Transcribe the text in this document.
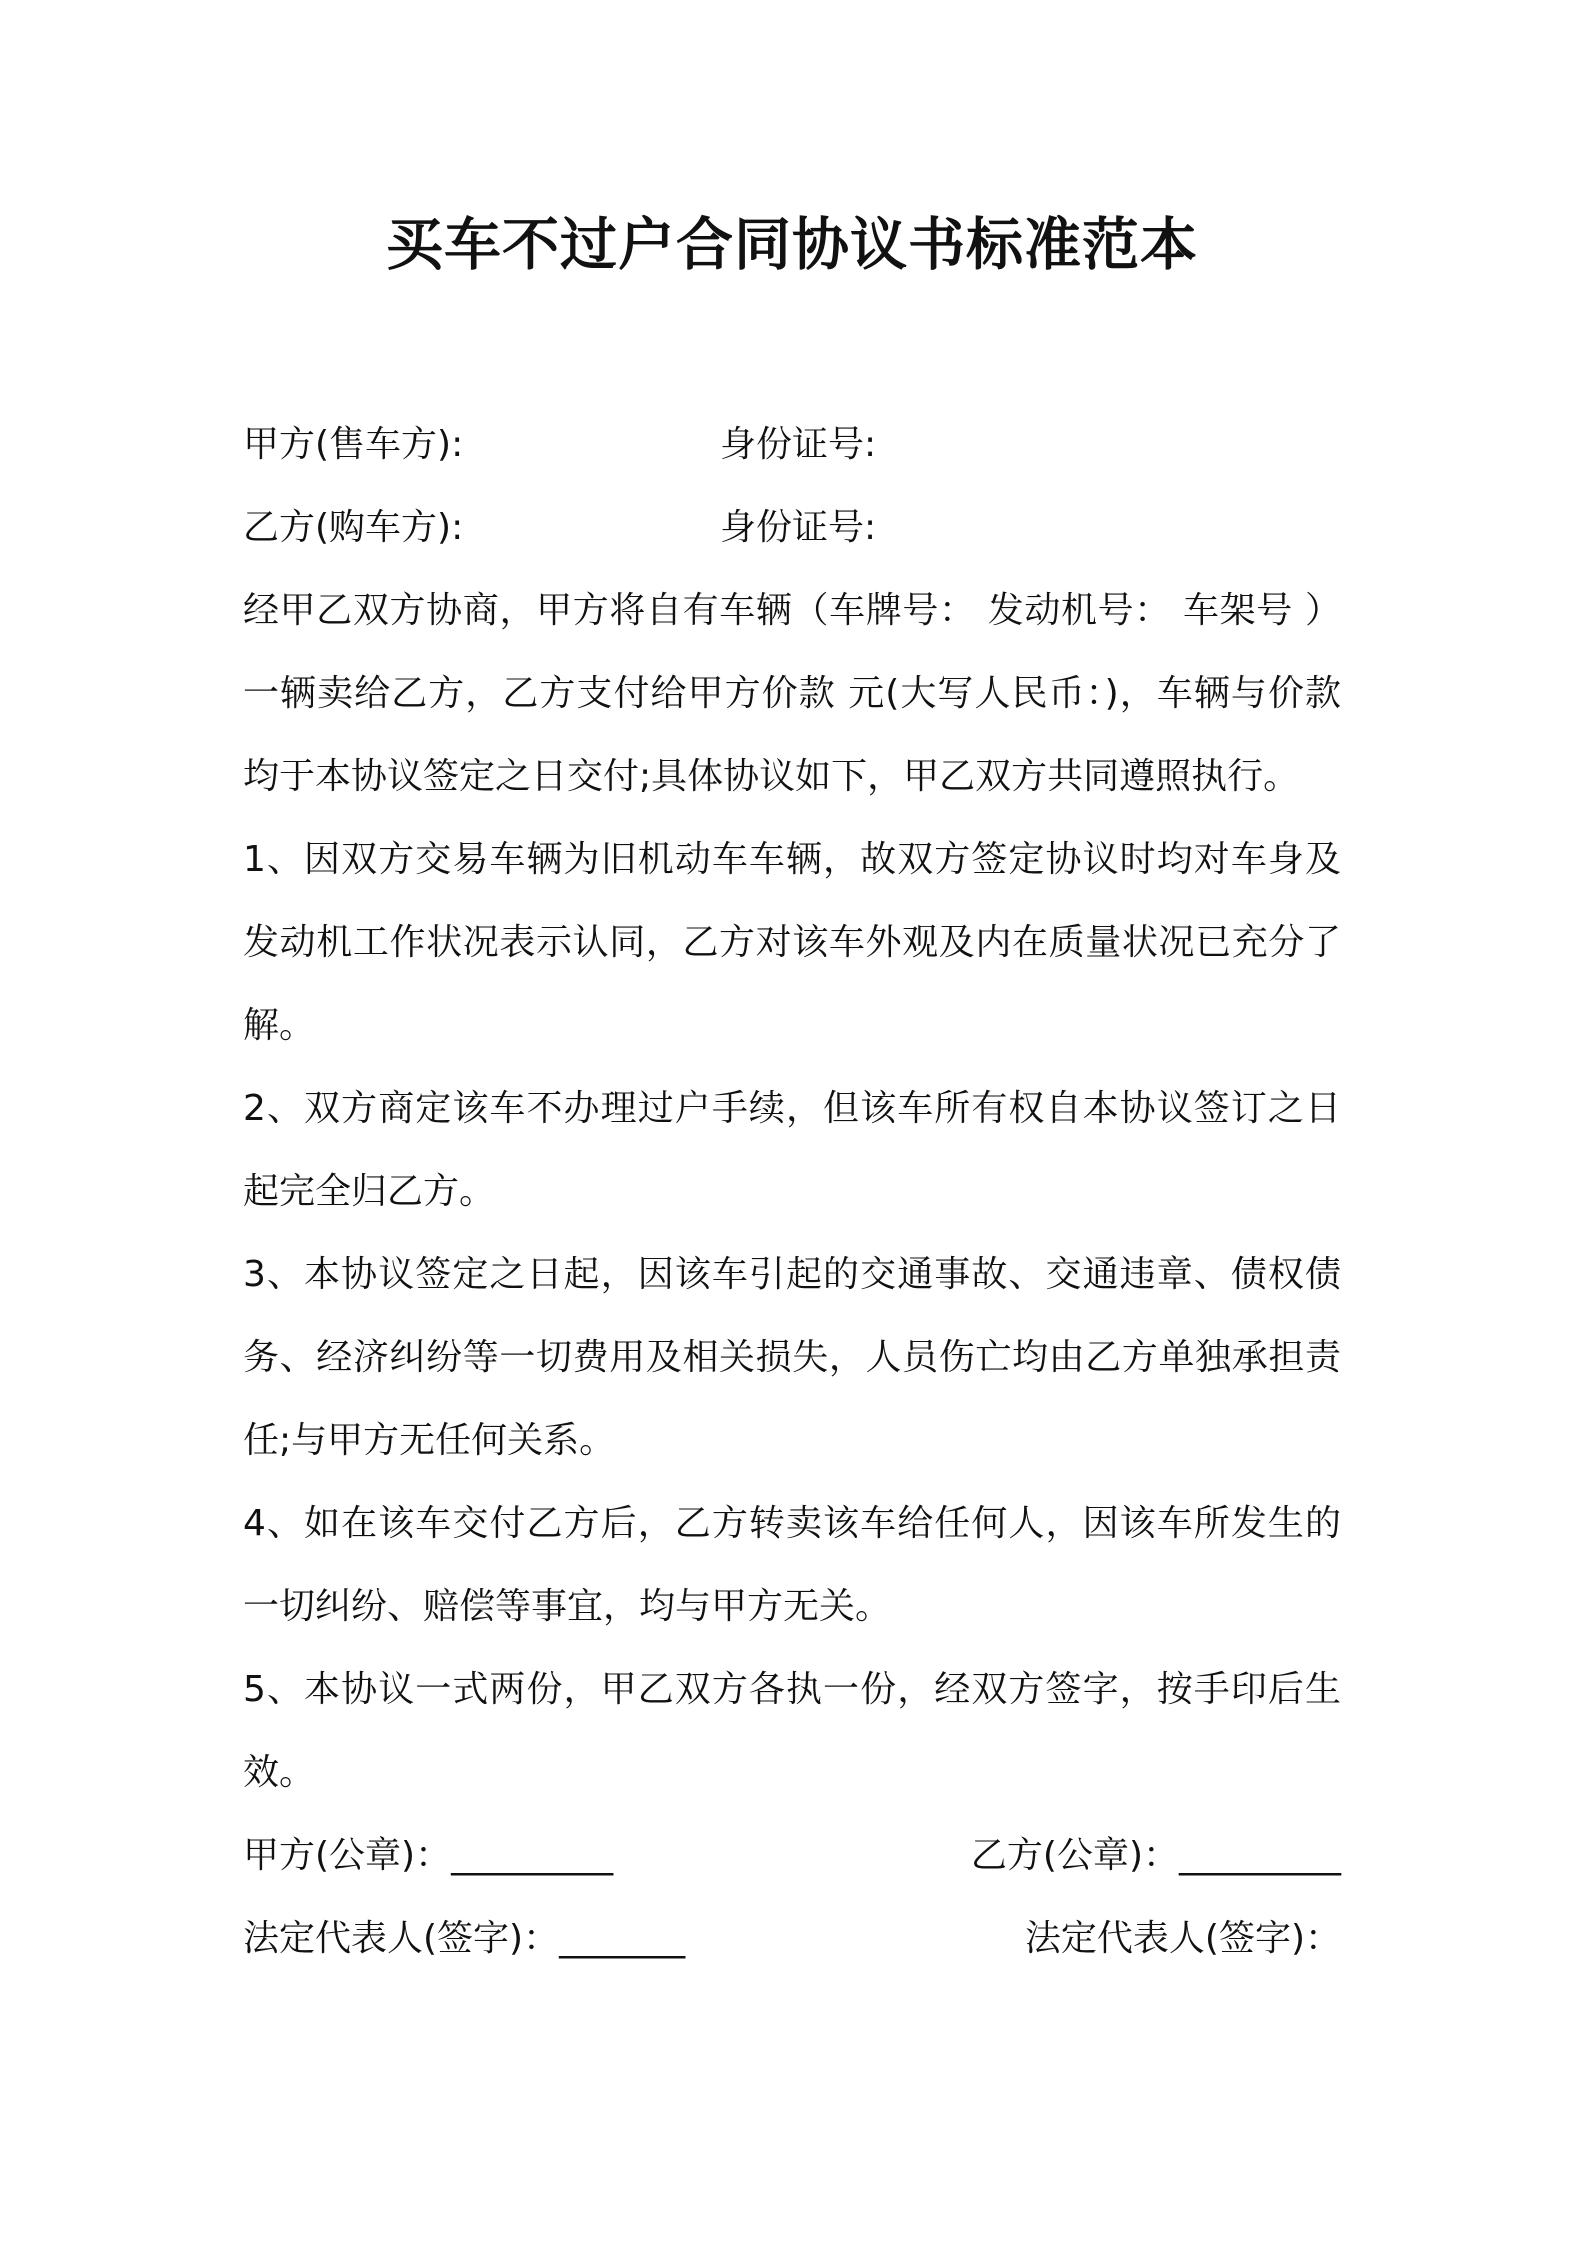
买车不过户合同协议书标准范本
甲方(售车方):	身份证号:
乙方(购车方):	身份证号:

经甲乙双方协商，甲方将自有车辆（车牌号： 发动机号： 车架号 ）一辆卖给乙方，乙方支付给甲方价款 元(大写人民币：)，车辆与价款均于本协议签定之日交付;具体协议如下，甲乙双方共同遵照执行。

1、因双方交易车辆为旧机动车车辆，故双方签定协议时均对车身及发动机工作状况表示认同，乙方对该车外观及内在质量状况已充分了解。

2、双方商定该车不办理过户手续，但该车所有权自本协议签订之日起完全归乙方。

3、本协议签定之日起，因该车引起的交通事故、交通违章、债权债务、经济纠纷等一切费用及相关损失，人员伤亡均由乙方单独承担责任;与甲方无任何关系。

4、如在该车交付乙方后，乙方转卖该车给任何人，因该车所发生的一切纠纷、赔偿等事宜，均与甲方无关。

5、本协议一式两份，甲乙双方各执一份，经双方签字，按手印后生效。

甲方(公章)：_________	乙方(公章)：_________
法定代表人(签字)：_______	法定代表人(签字)：
